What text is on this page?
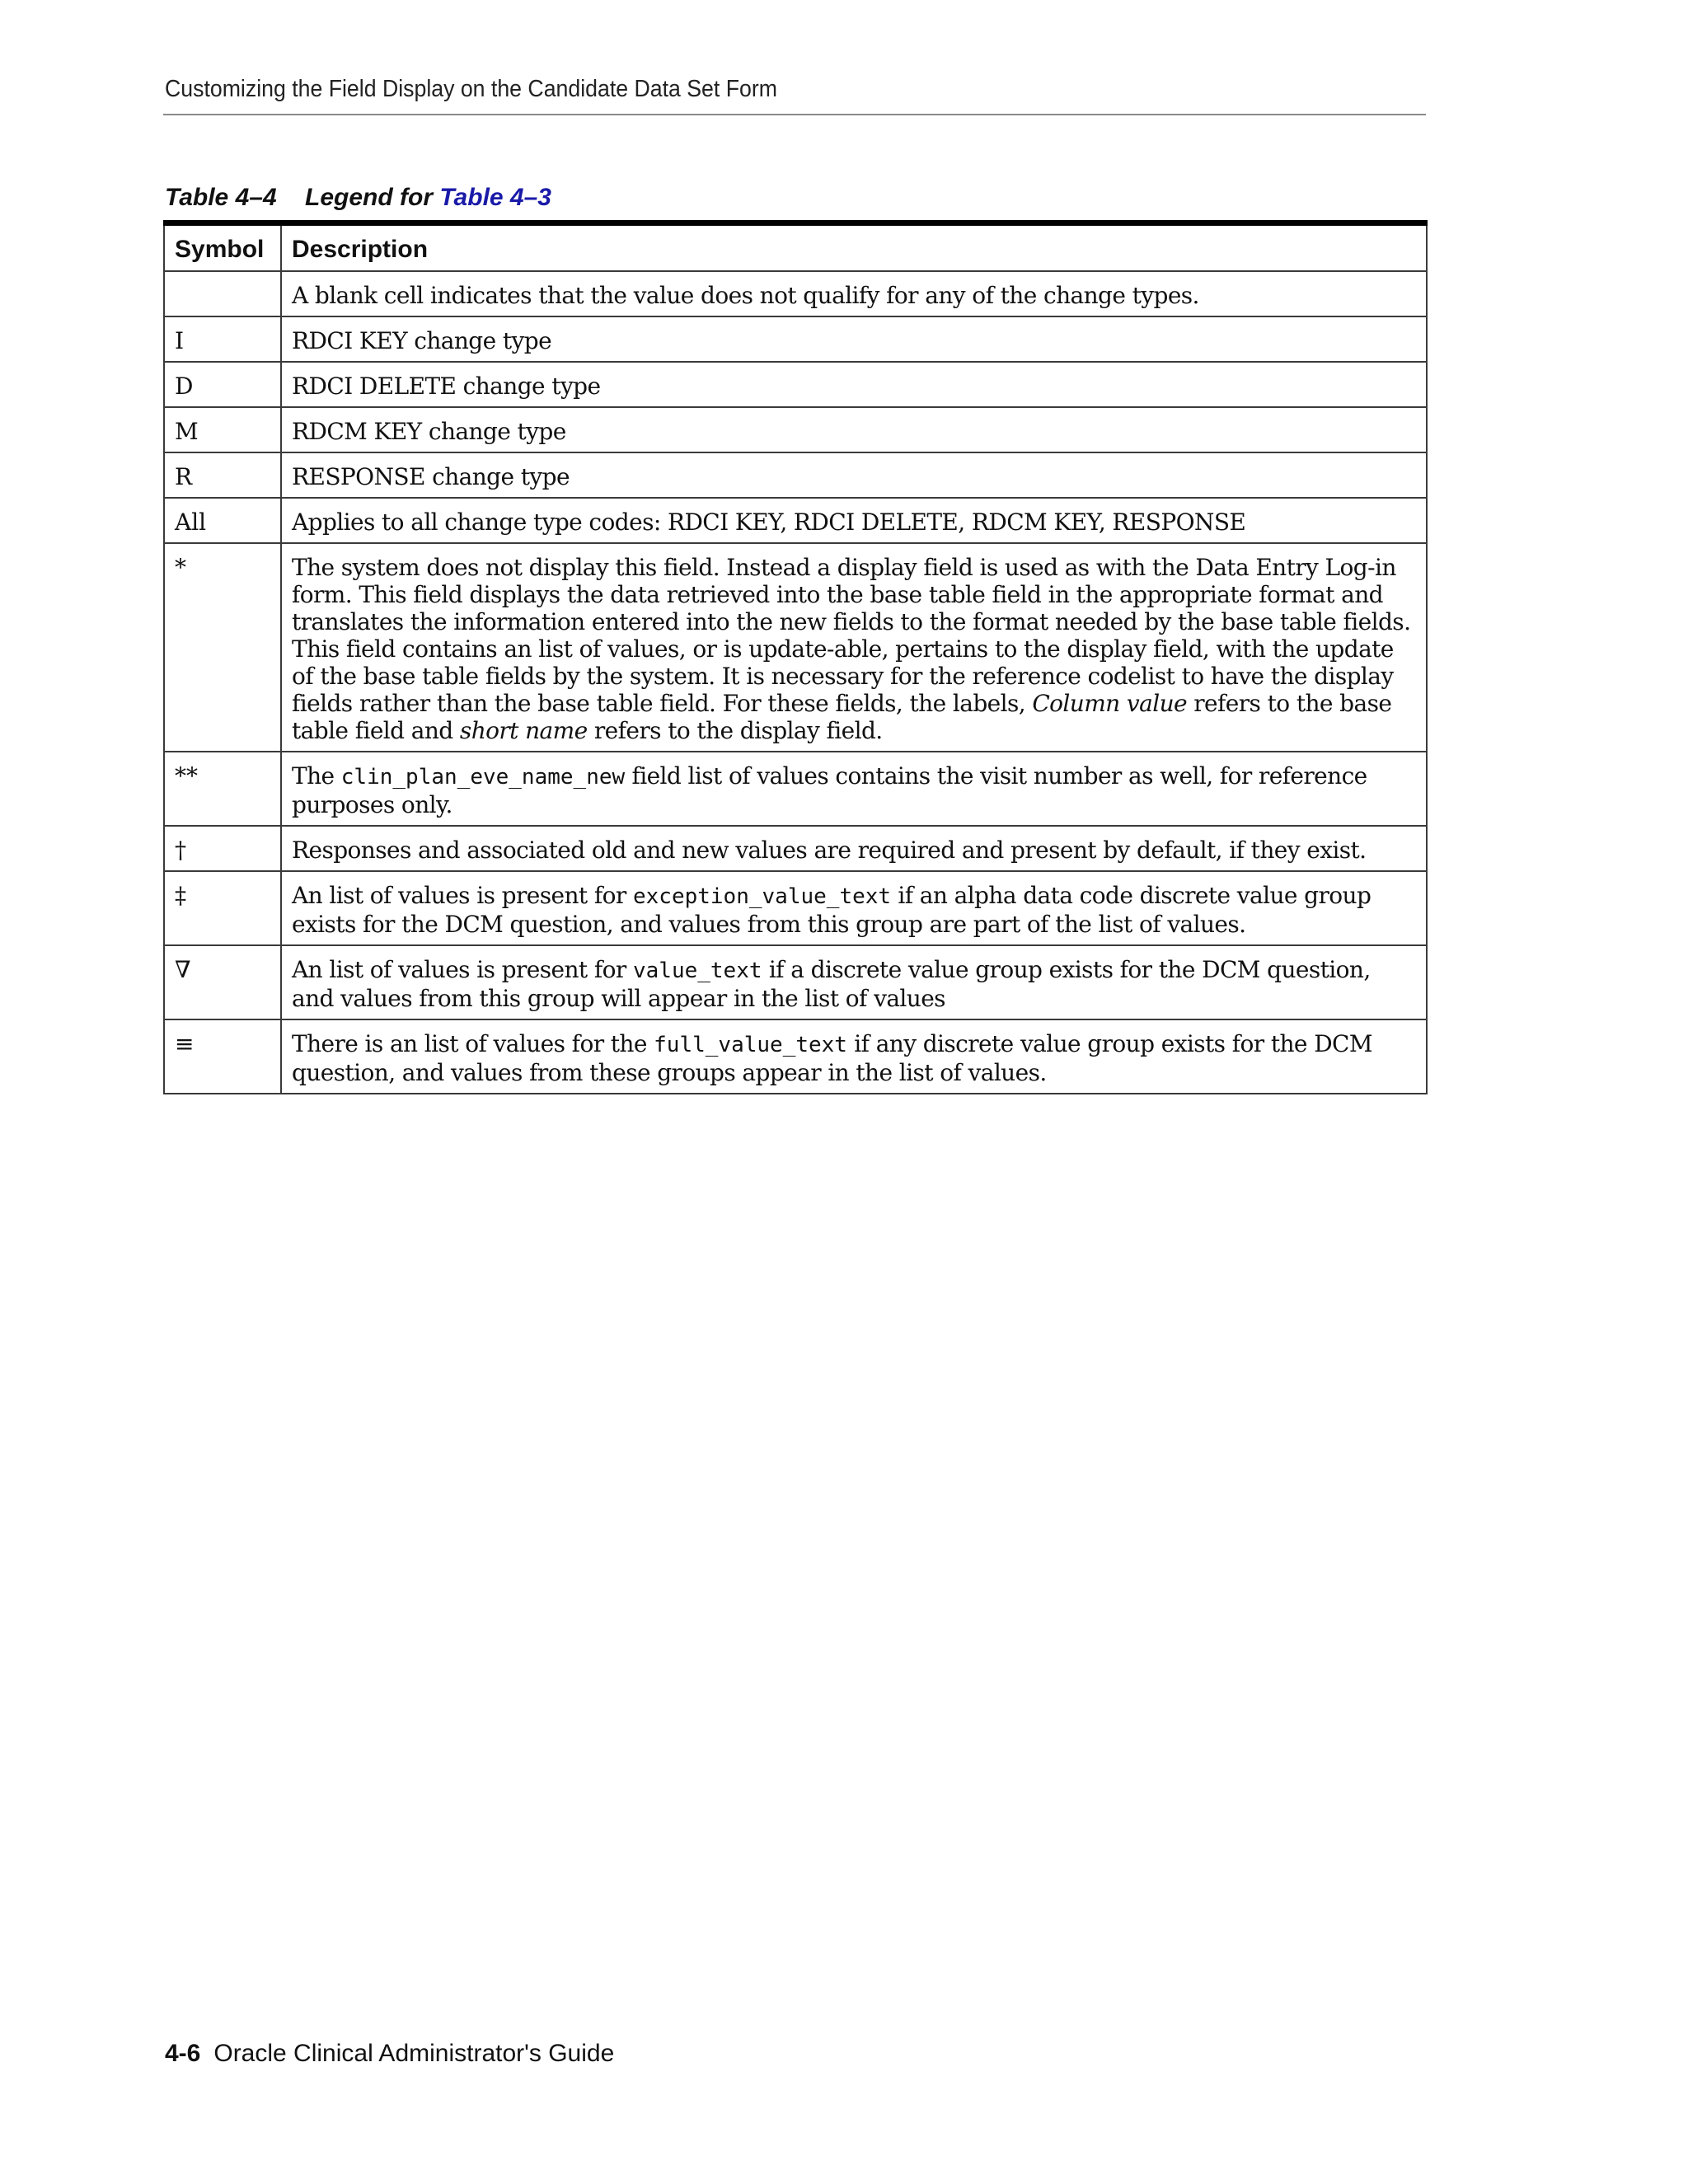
Customizing the Field Display on the Candidate Data Set Form
Table 4–4 Legend for Table 4–3
Symbol	Description
	A blank cell indicates that the value does not qualify for any of the change types.
I	RDCI KEY change type
D	RDCI DELETE change type
M	RDCM KEY change type
R	RESPONSE change type
All	Applies to all change type codes: RDCI KEY, RDCI DELETE, RDCM KEY, RESPONSE
*	The system does not display this field. Instead a display field is used as with the Data Entry Log-in form. This field displays the data retrieved into the base table field in the appropriate format and translates the information entered into the new fields to the format needed by the base table fields. This field contains an list of values, or is update-able, pertains to the display field, with the update of the base table fields by the system. It is necessary for the reference codelist to have the display fields rather than the base table field. For these fields, the labels, Column value refers to the base table field and short name refers to the display field.
**	The clin_plan_eve_name_new field list of values contains the visit number as well, for reference purposes only.
†	Responses and associated old and new values are required and present by default, if they exist.
‡	An list of values is present for exception_value_text if an alpha data code discrete value group exists for the DCM question, and values from this group are part of the list of values.
∇	An list of values is present for value_text if a discrete value group exists for the DCM question, and values from this group will appear in the list of values
≡	There is an list of values for the full_value_text if any discrete value group exists for the DCM question, and values from these groups appear in the list of values.
4-6 Oracle Clinical Administrator's Guide
